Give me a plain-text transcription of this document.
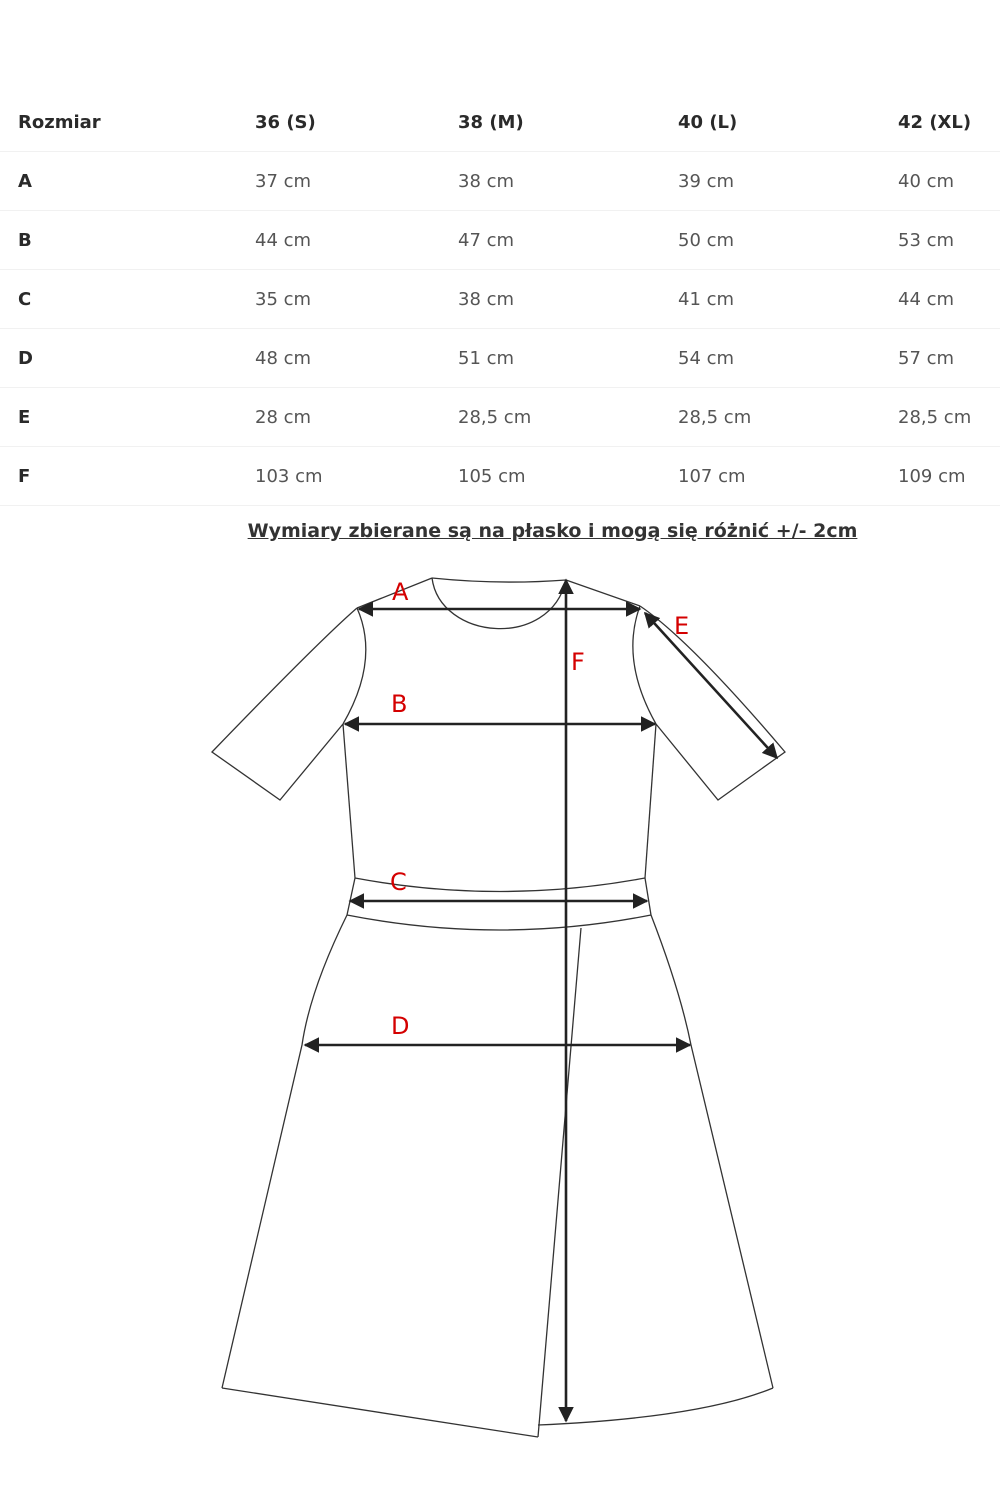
Rozmiar	36 (S)	38 (M)	40 (L)	42 (XL)
A	37 cm	38 cm	39 cm	40 cm
B	44 cm	47 cm	50 cm	53 cm
C	35 cm	38 cm	41 cm	44 cm
D	48 cm	51 cm	54 cm	57 cm
E	28 cm	28,5 cm	28,5 cm	28,5 cm
F	103 cm	105 cm	107 cm	109 cm
Wymiary zbierane są na płasko i mogą się różnić +/- 2cm
A
B
C
D
E
F
